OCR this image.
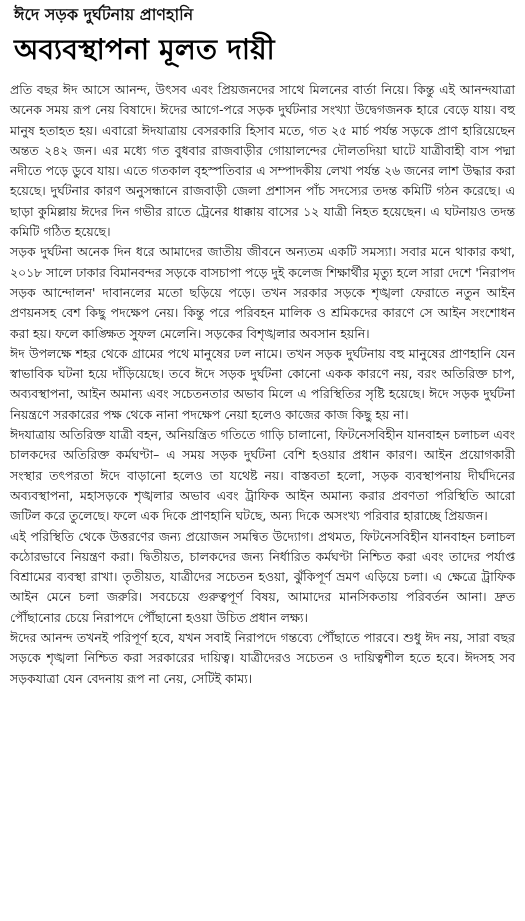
ঈদে সড়ক দুর্ঘটনায় প্রাণহানি
অব্যবস্থাপনা মূলত দায়ী

প্রতি বছর ঈদ আসে আনন্দ, উৎসব এবং প্রিয়জনদের সাথে মিলনের বার্তা নিয়ে। কিন্তু এই আনন্দযাত্রা অনেক সময় রূপ নেয় বিষাদে। ঈদের আগে-পরে সড়ক দুর্ঘটনার সংখ্যা উদ্বেগজনক হারে বেড়ে যায়। বহু মানুষ হতাহত হয়। এবারো ঈদযাত্রায় বেসরকারি হিসাব মতে, গত ২৫ মার্চ পর্যন্ত সড়কে প্রাণ হারিয়েছেন অন্তত ২৪২ জন। এর মধ্যে গত বুধবার রাজবাড়ীর গোয়ালন্দের দৌলতদিয়া ঘাটে যাত্রীবাহী বাস পদ্মা নদীতে পড়ে ডুবে যায়। এতে গতকাল বৃহস্পতিবার এ সম্পাদকীয় লেখা পর্যন্ত ২৬ জনের লাশ উদ্ধার করা হয়েছে। দুর্ঘটনার কারণ অনুসন্ধানে রাজবাড়ী জেলা প্রশাসন পাঁচ সদস্যের তদন্ত কমিটি গঠন করেছে। এ ছাড়া কুমিল্লায় ঈদের দিন গভীর রাতে ট্রেনের ধাক্কায় বাসের ১২ যাত্রী নিহত হয়েছেন। এ ঘটনায়ও তদন্ত কমিটি গঠিত হয়েছে।

সড়ক দুর্ঘটনা অনেক দিন ধরে আমাদের জাতীয় জীবনে অন্যতম একটি সমস্যা। সবার মনে থাকার কথা, ২০১৮ সালে ঢাকার বিমানবন্দর সড়কে বাসচাপা পড়ে দুই কলেজ শিক্ষার্থীর মৃত্যু হলে সারা দেশে 'নিরাপদ সড়ক আন্দোলন' দাবানলের মতো ছড়িয়ে পড়ে। তখন সরকার সড়কে শৃঙ্খলা ফেরাতে নতুন আইন প্রণয়নসহ বেশ কিছু পদক্ষেপ নেয়। কিন্তু পরে পরিবহন মালিক ও শ্রমিকদের কারণে সে আইন সংশোধন করা হয়। ফলে কাঙ্ক্ষিত সুফল মেলেনি। সড়কের বিশৃঙ্খলার অবসান হয়নি।

ঈদ উপলক্ষে শহর থেকে গ্রামের পথে মানুষের ঢল নামে। তখন সড়ক দুর্ঘটনায় বহু মানুষের প্রাণহানি যেন স্বাভাবিক ঘটনা হয়ে দাঁড়িয়েছে। তবে ঈদে সড়ক দুর্ঘটনা কোনো একক কারণে নয়, বরং অতিরিক্ত চাপ, অব্যবস্থাপনা, আইন অমান্য এবং সচেতনতার অভাব মিলে এ পরিস্থিতির সৃষ্টি হয়েছে। ঈদে সড়ক দুর্ঘটনা নিয়ন্ত্রণে সরকারের পক্ষ থেকে নানা পদক্ষেপ নেয়া হলেও কাজের কাজ কিছু হয় না।

ঈদযাত্রায় অতিরিক্ত যাত্রী বহন, অনিয়ন্ত্রিত গতিতে গাড়ি চালানো, ফিটনেসবিহীন যানবাহন চলাচল এবং চালকদের অতিরিক্ত কর্মঘণ্টা– এ সময় সড়ক দুর্ঘটনা বেশি হওয়ার প্রধান কারণ। আইন প্রয়োগকারী সংস্থার তৎপরতা ঈদে বাড়ানো হলেও তা যথেষ্ট নয়। বাস্তবতা হলো, সড়ক ব্যবস্থাপনায় দীর্ঘদিনের অব্যবস্থাপনা, মহাসড়কে শৃঙ্খলার অভাব এবং ট্রাফিক আইন অমান্য করার প্রবণতা পরিস্থিতি আরো জটিল করে তুলেছে। ফলে এক দিকে প্রাণহানি ঘটছে, অন্য দিকে অসংখ্য পরিবার হারাচ্ছে প্রিয়জন।

এই পরিস্থিতি থেকে উত্তরণের জন্য প্রয়োজন সমন্বিত উদ্যোগ। প্রথমত, ফিটনেসবিহীন যানবাহন চলাচল কঠোরভাবে নিয়ন্ত্রণ করা। দ্বিতীয়ত, চালকদের জন্য নির্ধারিত কর্মঘণ্টা নিশ্চিত করা এবং তাদের পর্যাপ্ত বিশ্রামের ব্যবস্থা রাখা। তৃতীয়ত, যাত্রীদের সচেতন হওয়া, ঝুঁকিপূর্ণ ভ্রমণ এড়িয়ে চলা। এ ক্ষেত্রে ট্রাফিক আইন মেনে চলা জরুরি। সবচেয়ে গুরুত্বপূর্ণ বিষয়, আমাদের মানসিকতায় পরিবর্তন আনা। দ্রুত পৌঁছানোর চেয়ে নিরাপদে পৌঁছানো হওয়া উচিত প্রধান লক্ষ্য।

ঈদের আনন্দ তখনই পরিপূর্ণ হবে, যখন সবাই নিরাপদে গন্তব্যে পৌঁছাতে পারবে। শুধু ঈদ নয়, সারা বছর সড়কে শৃঙ্খলা নিশ্চিত করা সরকারের দায়িত্ব। যাত্রীদেরও সচেতন ও দায়িত্বশীল হতে হবে। ঈদসহ সব সড়কযাত্রা যেন বেদনায় রূপ না নেয়, সেটিই কাম্য।
